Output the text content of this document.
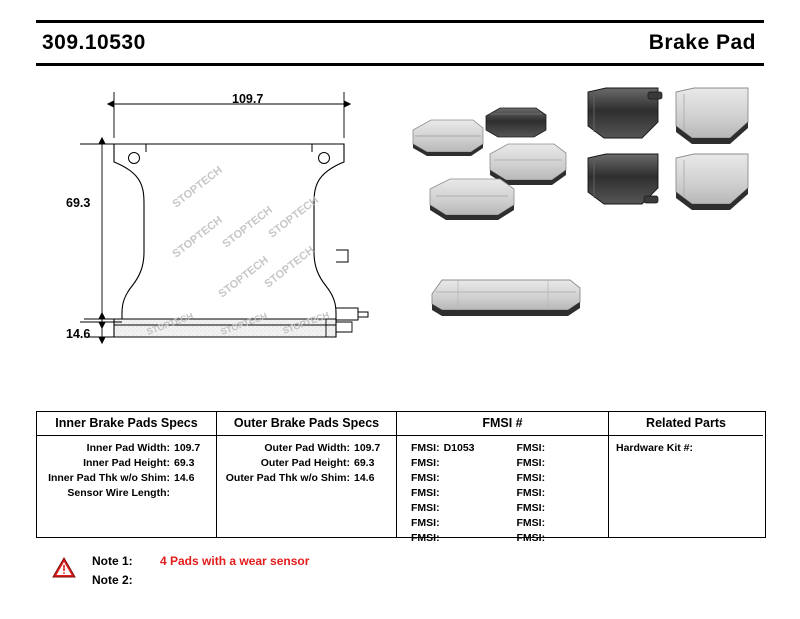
309.10530	Brake Pad
109.7
69.3
14.6
STOPTECH
STOPTECH
STOPTECH
STOPTECH
STOPTECH
STOPTECH
STOPTECH	STOPTECH STOPTECH
Inner Brake Pads Specs
Inner Pad Width: 109.7
Inner Pad Height: 69.3
Inner Pad Thk w/o Shim: 14.6
Sensor Wire Length:
Outer Brake Pads Specs
Outer Pad Width: 109.7
Outer Pad Height: 69.3
Outer Pad Thk w/o Shim: 14.6
FMSI #
FMSI: D1053
FMSI:
FMSI:
FMSI:
FMSI:
FMSI:
FMSI:
FMSI:
FMSI:
FMSI:
FMSI:
FMSI:
FMSI:
FMSI:
Related Parts
Hardware Kit #:
Note 1:	4 Pads with a wear sensor
Note 2:
